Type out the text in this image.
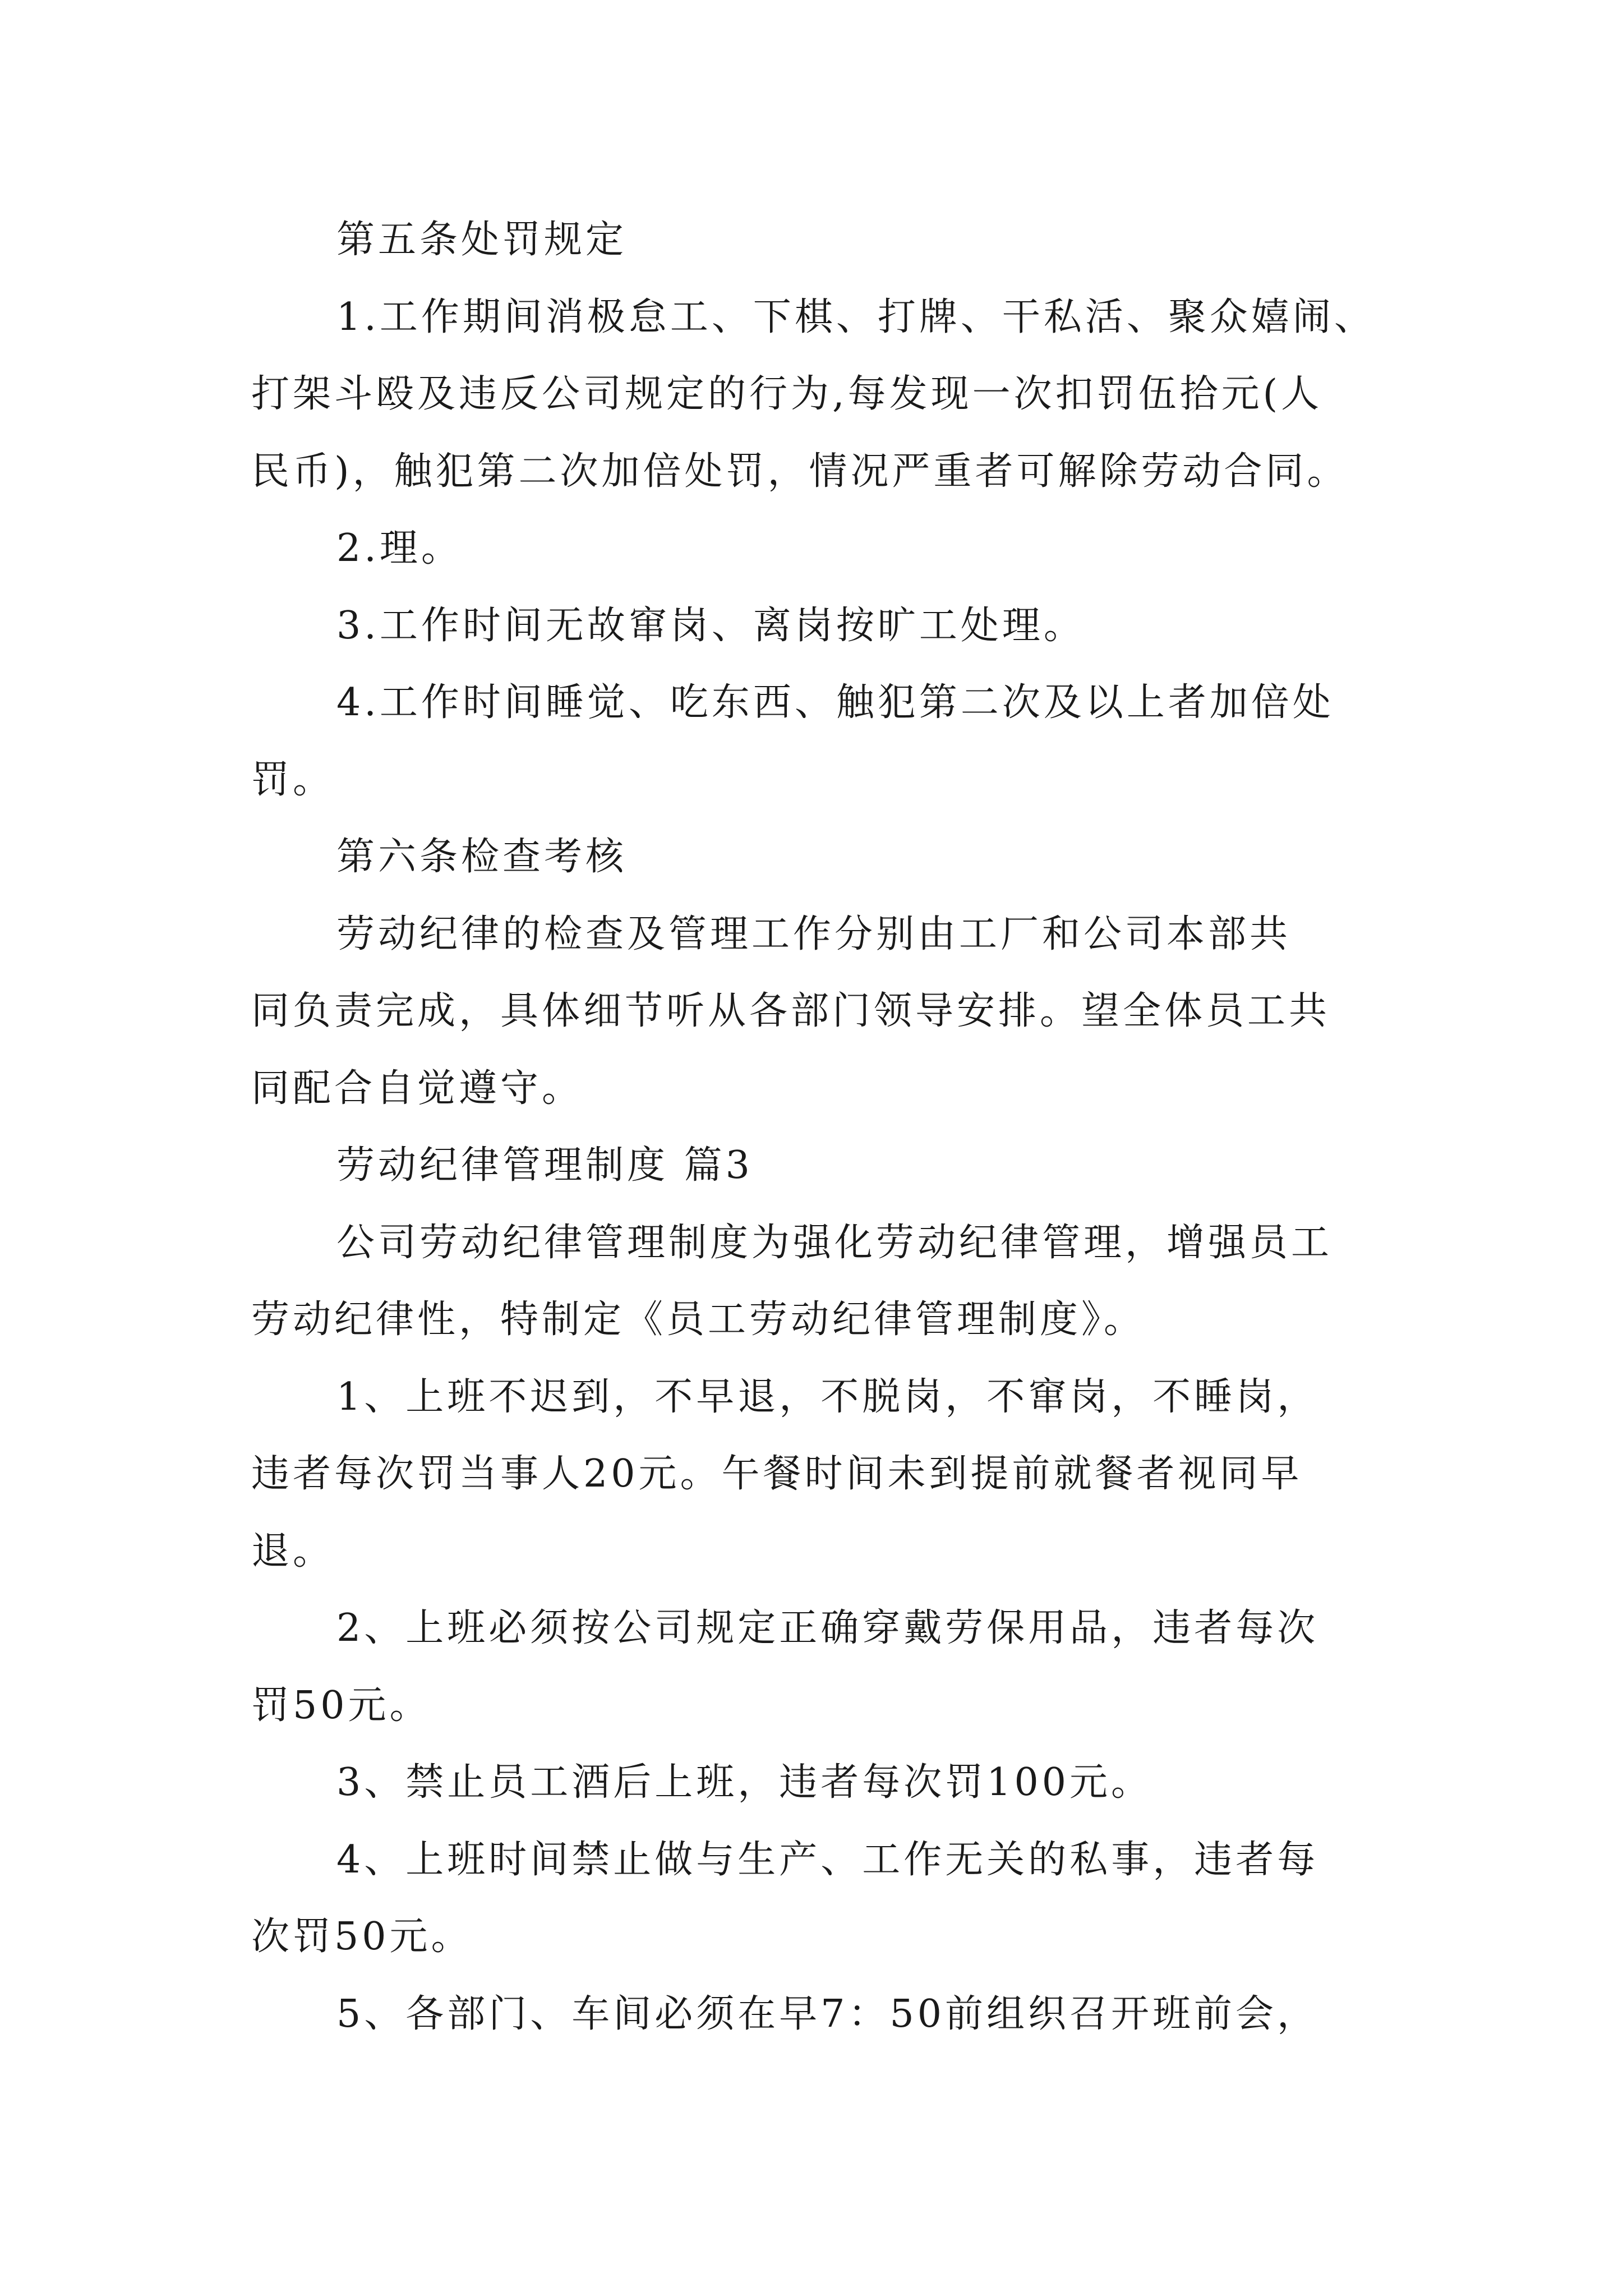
第五条处罚规定
1.工作期间消极怠工、下棋、打牌、干私活、聚众嬉闹、
打架斗殴及违反公司规定的行为,每发现一次扣罚伍拾元(人
民币)，触犯第二次加倍处罚，情况严重者可解除劳动合同。
2.理。
3.工作时间无故窜岗、离岗按旷工处理。
4.工作时间睡觉、吃东西、触犯第二次及以上者加倍处
罚。
第六条检查考核
劳动纪律的检查及管理工作分别由工厂和公司本部共
同负责完成，具体细节听从各部门领导安排。望全体员工共
同配合自觉遵守。
劳动纪律管理制度 篇3
公司劳动纪律管理制度为强化劳动纪律管理，增强员工
劳动纪律性，特制定《员工劳动纪律管理制度》。
1、上班不迟到，不早退，不脱岗，不窜岗，不睡岗，
违者每次罚当事人20元。午餐时间未到提前就餐者视同早
退。
2、上班必须按公司规定正确穿戴劳保用品，违者每次
罚50元。
3、禁止员工酒后上班，违者每次罚100元。
4、上班时间禁止做与生产、工作无关的私事，违者每
次罚50元。
5、各部门、车间必须在早7：50前组织召开班前会，
